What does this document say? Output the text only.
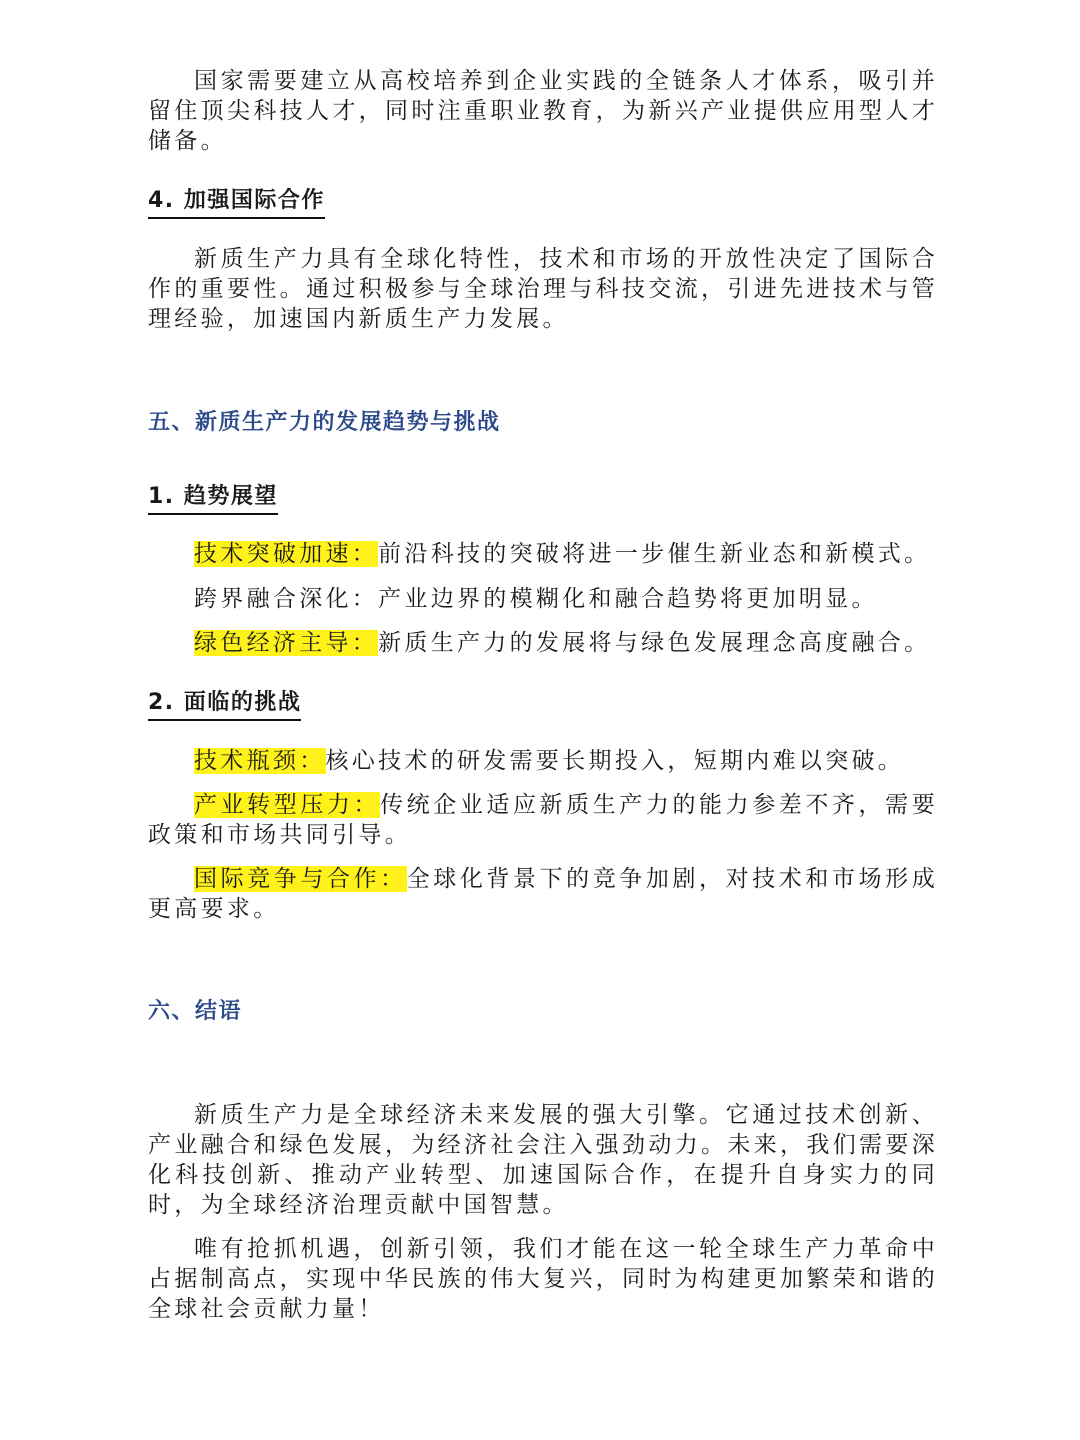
国家需要建立从高校培养到企业实践的全链条人才体系，吸引并留住顶尖科技人才，同时注重职业教育，为新兴产业提供应用型人才储备。

4. 加强国际合作

新质生产力具有全球化特性，技术和市场的开放性决定了国际合作的重要性。通过积极参与全球治理与科技交流，引进先进技术与管理经验，加速国内新质生产力发展。

五、新质生产力的发展趋势与挑战
1. 趋势展望

技术突破加速：前沿科技的突破将进一步催生新业态和新模式。

跨界融合深化：产业边界的模糊化和融合趋势将更加明显。

绿色经济主导：新质生产力的发展将与绿色发展理念高度融合。

2. 面临的挑战

技术瓶颈：核心技术的研发需要长期投入，短期内难以突破。

产业转型压力：传统企业适应新质生产力的能力参差不齐，需要政策和市场共同引导。

国际竞争与合作：全球化背景下的竞争加剧，对技术和市场形成更高要求。

六、结语

新质生产力是全球经济未来发展的强大引擎。它通过技术创新、产业融合和绿色发展，为经济社会注入强劲动力。未来，我们需要深化科技创新、推动产业转型、加速国际合作，在提升自身实力的同时，为全球经济治理贡献中国智慧。

唯有抢抓机遇，创新引领，我们才能在这一轮全球生产力革命中占据制高点，实现中华民族的伟大复兴，同时为构建更加繁荣和谐的全球社会贡献力量！
